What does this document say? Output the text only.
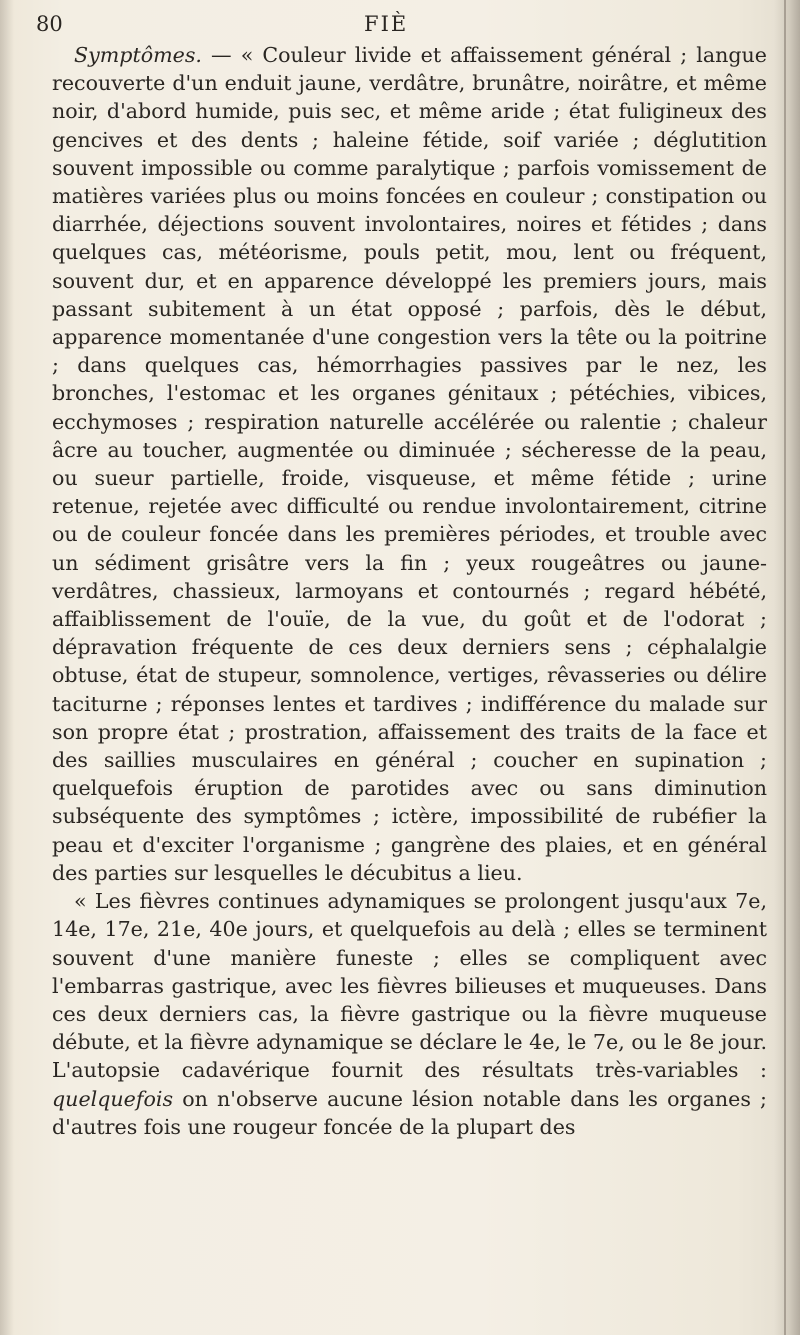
80	FIÈ

Symptômes. — « Couleur livide et affaissement général ; langue recouverte d'un enduit jaune, verdâtre, brunâtre, noirâtre, et même noir, d'abord humide, puis sec, et même aride ; état fuligineux des gencives et des dents ; haleine fétide, soif variée ; déglutition souvent impossible ou comme paralytique ; parfois vomissement de matières variées plus ou moins foncées en couleur ; constipation ou diarrhée, déjections souvent involontaires, noires et fétides ; dans quelques cas, météorisme, pouls petit, mou, lent ou fréquent, souvent dur, et en apparence développé les premiers jours, mais passant subitement à un état opposé ; parfois, dès le début, apparence momentanée d'une congestion vers la tête ou la poitrine ; dans quelques cas, hémorrhagies passives par le nez, les bronches, l'estomac et les organes génitaux ; pétéchies, vibices, ecchymoses ; respiration naturelle accélérée ou ralentie ; chaleur âcre au toucher, augmentée ou diminuée ; sécheresse de la peau, ou sueur partielle, froide, visqueuse, et même fétide ; urine retenue, rejetée avec difficulté ou rendue involontairement, citrine ou de couleur foncée dans les premières périodes, et trouble avec un sédiment grisâtre vers la fin ; yeux rougeâtres ou jaune-verdâtres, chassieux, larmoyans et contournés ; regard hébété, affaiblissement de l'ouïe, de la vue, du goût et de l'odorat ; dépravation fréquente de ces deux derniers sens ; céphalalgie obtuse, état de stupeur, somnolence, vertiges, rêvasseries ou délire taciturne ; réponses lentes et tardives ; indifférence du malade sur son propre état ; prostration, affaissement des traits de la face et des saillies musculaires en général ; coucher en supination ; quelquefois éruption de parotides avec ou sans diminution subséquente des symptômes ; ictère, impossibilité de rubéfier la peau et d'exciter l'organisme ; gangrène des plaies, et en général des parties sur lesquelles le décubitus a lieu.

« Les fièvres continues adynamiques se prolongent jusqu'aux 7e, 14e, 17e, 21e, 40e jours, et quelquefois au delà ; elles se terminent souvent d'une manière funeste ; elles se compliquent avec l'embarras gastrique, avec les fièvres bilieuses et muqueuses. Dans ces deux derniers cas, la fièvre gastrique ou la fièvre muqueuse débute, et la fièvre adynamique se déclare le 4e, le 7e, ou le 8e jour. L'autopsie cadavérique fournit des résultats très-variables : quelquefois on n'observe aucune lésion notable dans les organes ; d'autres fois une rougeur foncée de la plupart des
